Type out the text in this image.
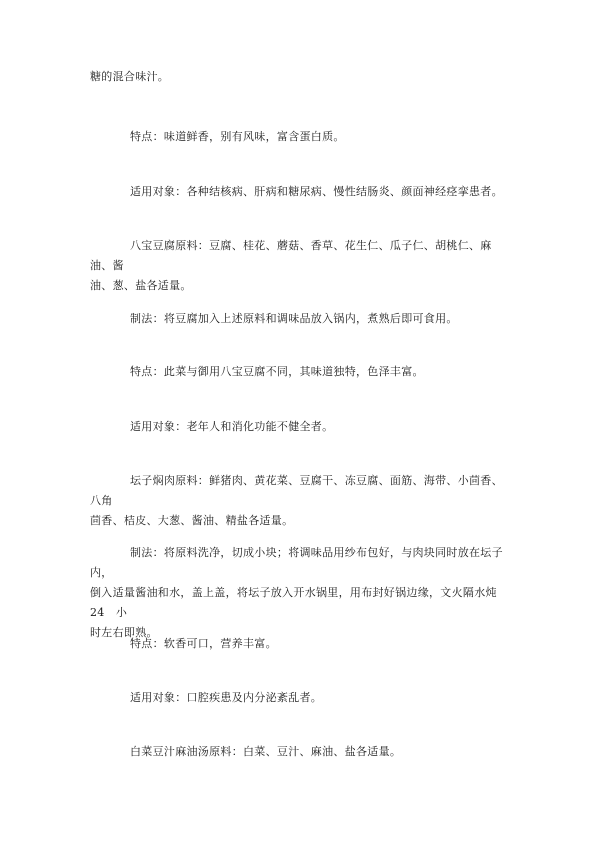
糖的混合味汁。

特点：味道鲜香，别有风味，富含蛋白质。

适用对象：各种结核病、肝病和糖尿病、慢性结肠炎、颜面神经痉挛患者。

八宝豆腐原料：豆腐、桂花、蘑菇、香草、花生仁、瓜子仁、胡桃仁、麻油、酱
油、葱、盐各适量。

制法：将豆腐加入上述原料和调味品放入锅内，煮熟后即可食用。

特点：此菜与御用八宝豆腐不同，其味道独特，色泽丰富。

适用对象：老年人和消化功能不健全者。

坛子焖肉原料：鲜猪肉、黄花菜、豆腐干、冻豆腐、面筋、海带、小茴香、八角
茴香、桔皮、大葱、酱油、精盐各适量。

制法：将原料洗净，切成小块；将调味品用纱布包好，与肉块同时放在坛子内，
倒入适量酱油和水，盖上盖，将坛子放入开水锅里，用布封好锅边缘，文火隔水炖　24　小
时左右即熟。

特点：软香可口，营养丰富。

适用对象：口腔疾患及内分泌紊乱者。

白菜豆汁麻油汤原料：白菜、豆汁、麻油、盐各适量。
